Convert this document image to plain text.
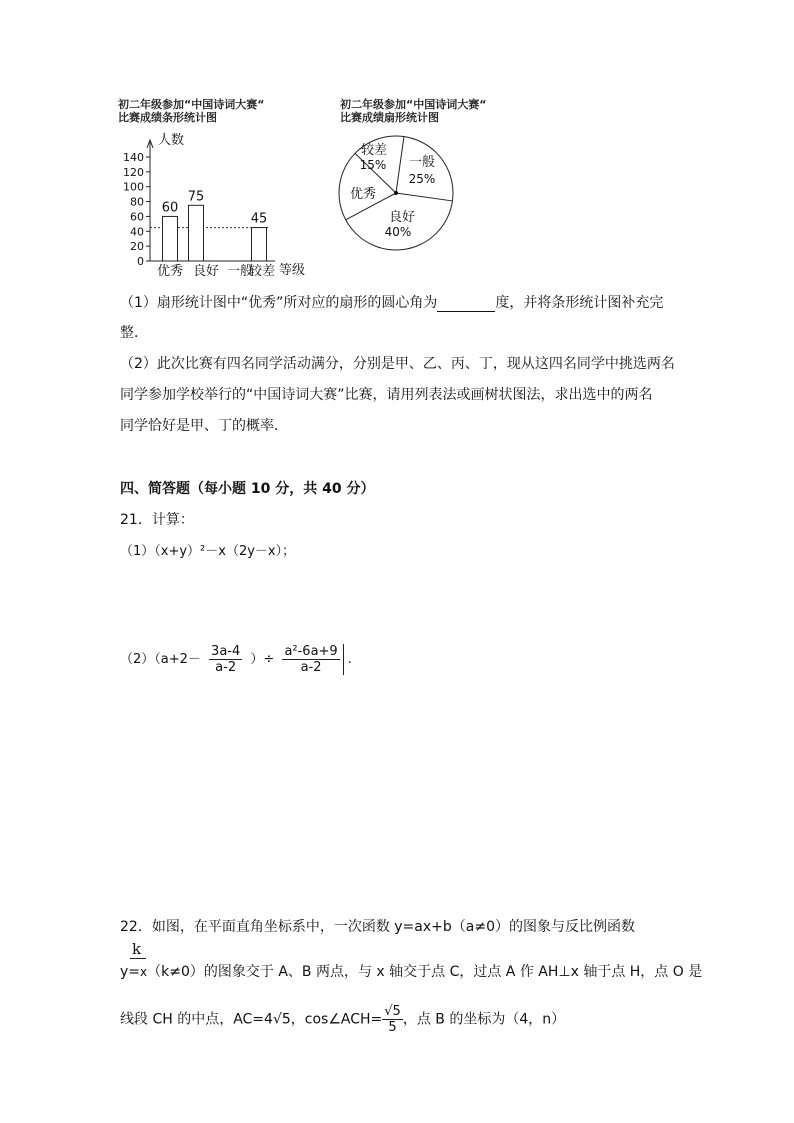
初二年级参加“中国诗词大赛“
比赛成绩条形统计图
人数
等级
140
120
100
80
60
40
20
0
60
优秀
75
良好 一般
45
较差
初二年级参加“中国诗词大赛“
比赛成绩扇形统计图
较差
15% 一般
25%
良好
40%
优秀
（1）扇形统计图中“优秀”所对应的扇形的圆心角为	度，并将条形统计图补充完
整．
（2）此次比赛有四名同学活动满分，分别是甲、乙、丙、丁，现从这四名同学中挑选两名
同学参加学校举行的“中国诗词大赛”比赛，请用列表法或画树状图法，求出选中的两名
同学恰好是甲、丁的概率．
四、简答题（每小题 10 分，共 40 分）
21．计算：
（1）（x+y）²－x（2y－x）；
$(2)(a+2- \frac{3a-4}{a-2}$ ）÷ $\frac{\text{a²-6a+9}}{a-2}$ .
22．如图，在平面直角坐标系中，一次函数 y=ax+b（a≠0）的图象与反比例函数
k
y=x（k≠0）的图象交于 A、B 两点，与 x 轴交于点 C，过点 A 作 AH⊥x 轴于点 H，点 O 是
线段 CH 的中点，AC=4√5，cos∠ACH= $\frac{√5}{5}$ ，点 B 的坐标为（4，n）
